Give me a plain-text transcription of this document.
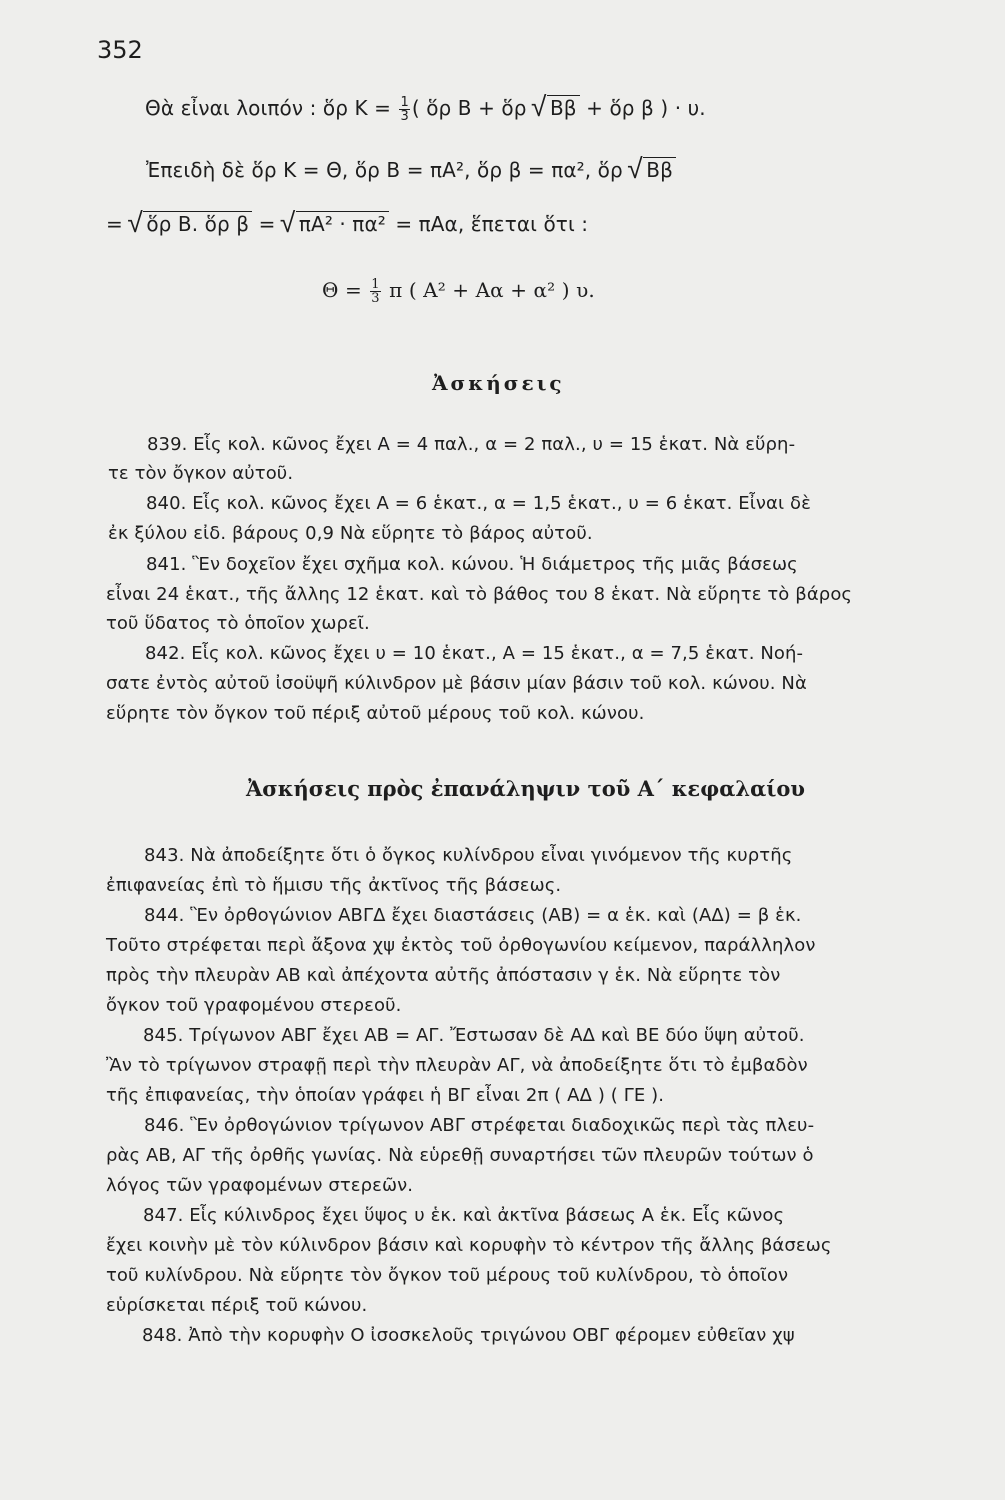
352
Θὰ εἶναι λοιπόν : ὅρ $K = \frac{1}{3}$ ( ὅρ Β + ὅρ √ Ββ + ὅρ β ) · υ.
Ἐπειδὴ δὲ ὅρ Κ = Θ, ὅρ Β = πΑ², ὅρ β = πα², ὅρ √ Ββ
= √ ὅρ Β. ὅρ β = √ πΑ² · πα² = πΑα, ἕπεται ὅτι :
$\Theta = \frac{1}{3}$ π ( Α² + Αα + α² ) υ.
Ἀσκήσεις
839. Εἷς κολ. κῶνος ἔχει Α = 4 παλ., α = 2 παλ., υ = 15 ἑκατ. Νὰ εὕρη-
τε τὸν ὄγκον αὐτοῦ.
840. Εἷς κολ. κῶνος ἔχει Α = 6 ἑκατ., α = 1,5 ἑκατ., υ = 6 ἑκατ. Εἶναι δὲ
ἐκ ξύλου εἰδ. βάρους 0,9 Νὰ εὕρητε τὸ βάρος αὐτοῦ.
841. Ἓν δοχεῖον ἔχει σχῆμα κολ. κώνου. Ἡ διάμετρος τῆς μιᾶς βάσεως
εἶναι 24 ἑκατ., τῆς ἄλλης 12 ἑκατ. καὶ τὸ βάθος του 8 ἑκατ. Νὰ εὕρητε τὸ βάρος
τοῦ ὕδατος τὸ ὁποῖον χωρεῖ.
842. Εἷς κολ. κῶνος ἔχει υ = 10 ἑκατ., Α = 15 ἑκατ., α = 7,5 ἑκατ. Νοή-
σατε ἐντὸς αὐτοῦ ἰσοϋψῆ κύλινδρον μὲ βάσιν μίαν βάσιν τοῦ κολ. κώνου. Νὰ
εὕρητε τὸν ὄγκον τοῦ πέριξ αὐτοῦ μέρους τοῦ κολ. κώνου.
Ἀσκήσεις πρὸς ἐπανάληψιν τοῦ Α΄ κεφαλαίου
843. Νὰ ἀποδείξητε ὅτι ὁ ὄγκος κυλίνδρου εἶναι γινόμενον τῆς κυρτῆς
ἐπιφανείας ἐπὶ τὸ ἥμισυ τῆς ἀκτῖνος τῆς βάσεως.
844. Ἓν ὀρθογώνιον ΑΒΓΔ ἔχει διαστάσεις (ΑΒ) = α ἑκ. καὶ (ΑΔ) = β ἑκ.
Τοῦτο στρέφεται περὶ ἄξονα χψ ἐκτὸς τοῦ ὀρθογωνίου κείμενον, παράλληλον
πρὸς τὴν πλευρὰν ΑΒ καὶ ἀπέχοντα αὐτῆς ἀπόστασιν γ ἑκ. Νὰ εὕρητε τὸν
ὄγκον τοῦ γραφομένου στερεοῦ.
845. Τρίγωνον ΑΒΓ ἔχει ΑΒ = ΑΓ. Ἔστωσαν δὲ ΑΔ καὶ ΒΕ δύο ὕψη αὐτοῦ.
Ἂν τὸ τρίγωνον στραφῇ περὶ τὴν πλευρὰν ΑΓ, νὰ ἀποδείξητε ὅτι τὸ ἐμβαδὸν
τῆς ἐπιφανείας, τὴν ὁποίαν γράφει ἡ ΒΓ εἶναι 2π ( ΑΔ ) ( ΓΕ ).
846. Ἓν ὀρθογώνιον τρίγωνον ΑΒΓ στρέφεται διαδοχικῶς περὶ τὰς πλευ-
ρὰς ΑΒ, ΑΓ τῆς ὀρθῆς γωνίας. Νὰ εὑρεθῇ συναρτήσει τῶν πλευρῶν τούτων ὁ
λόγος τῶν γραφομένων στερεῶν.
847. Εἷς κύλινδρος ἔχει ὕψος υ ἑκ. καὶ ἀκτῖνα βάσεως Α ἑκ. Εἷς κῶνος
ἔχει κοινὴν μὲ τὸν κύλινδρον βάσιν καὶ κορυφὴν τὸ κέντρον τῆς ἄλλης βάσεως
τοῦ κυλίνδρου. Νὰ εὕρητε τὸν ὄγκον τοῦ μέρους τοῦ κυλίνδρου, τὸ ὁποῖον
εὑρίσκεται πέριξ τοῦ κώνου.
848. Ἀπὸ τὴν κορυφὴν Ο ἰσοσκελοῦς τριγώνου ΟΒΓ φέρομεν εὐθεῖαν χψ
